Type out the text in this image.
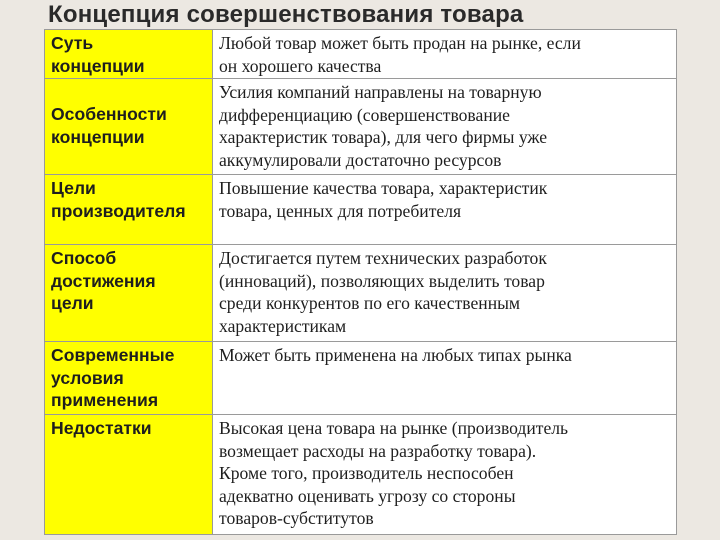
Концепция совершенствования товара
Суть
концепции	Любой товар может быть продан на рынке, если
он хорошего качества

Особенности
концепции	Усилия компаний направлены на товарную
дифференциацию (совершенствование
характеристик товара), для чего фирмы уже
аккумулировали достаточно ресурсов

Цели
производителя	Повышение качества товара, характеристик
товара, ценных для потребителя

Способ
достижения
цели	Достигается путем технических разработок
(инноваций), позволяющих выделить товар
среди конкурентов по его качественным
характеристикам

Современные
условия
применения	Может быть применена на любых типах рынка

Недостатки	Высокая цена товара на рынке (производитель
возмещает расходы на разработку товара).
Кроме того, производитель неспособен
адекватно оценивать угрозу со стороны
товаров-субститутов
